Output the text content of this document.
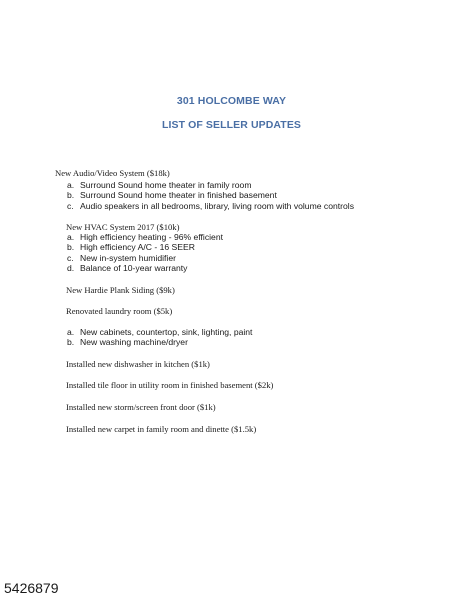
301 HOLCOMBE WAY
LIST OF SELLER UPDATES
New Audio/Video System ($18k)
a. Surround Sound home theater in family room
b. Surround Sound home theater in finished basement
c. Audio speakers in all bedrooms, library, living room with volume controls
New HVAC System 2017 ($10k)
a. High efficiency heating - 96% efficient
b. High efficiency A/C - 16 SEER
c. New in-system humidifier
d. Balance of 10-year warranty
New Hardie Plank Siding ($9k)
Renovated laundry room ($5k)
a. New cabinets, countertop, sink, lighting, paint
b. New washing machine/dryer
Installed new dishwasher in kitchen ($1k)
Installed tile floor in utility room in finished basement ($2k)
Installed new storm/screen front door ($1k)
Installed new carpet in family room and dinette ($1.5k)
5426879
